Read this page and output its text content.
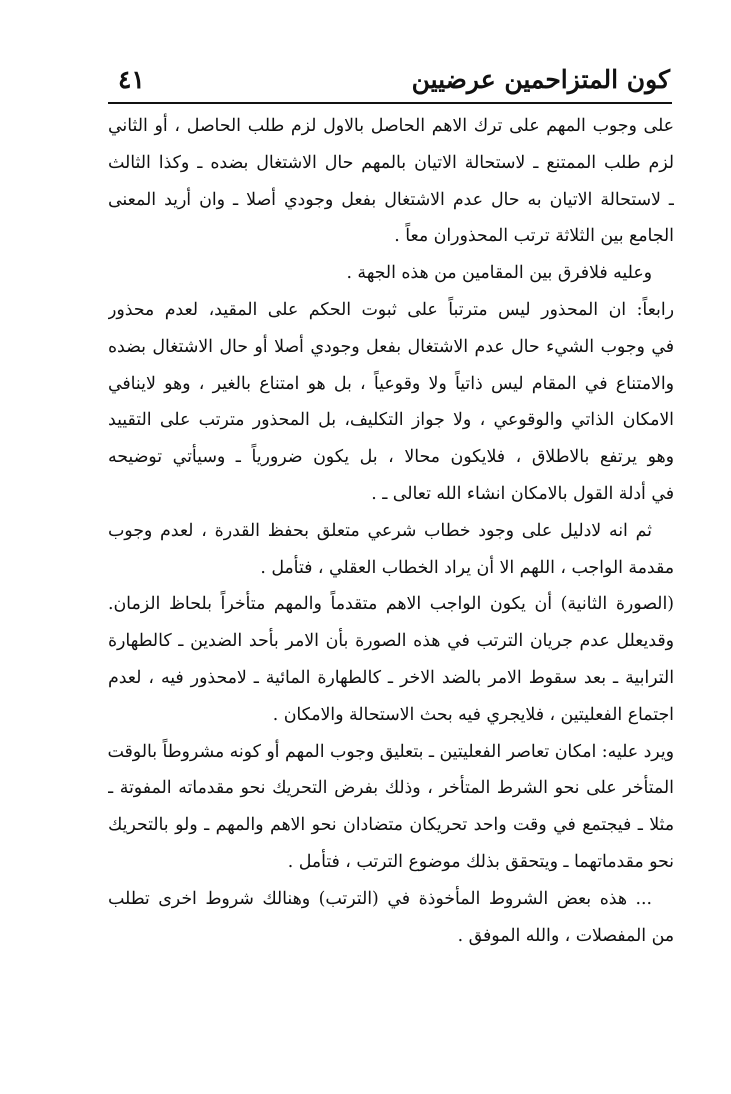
كون المتزاحمين عرضيين
٤١
على وجوب المهم على ترك الاهم الحاصل بالاول لزم طلب الحاصل ، أو الثاني
لزم طلب الممتنع ـ لاستحالة الاتيان بالمهم حال الاشتغال بضده ـ وكذا الثالث
ـ لاستحالة الاتيان به حال عدم الاشتغال بفعل وجودي أصلا ـ وان أريد المعنى
الجامع بين الثلاثة ترتب المحذوران معاً .
وعليه فلافرق بين المقامين من هذه الجهة .
رابعاً: ان المحذور ليس مترتباً على ثبوت الحكم على المقيد، لعدم محذور
في وجوب الشيء حال عدم الاشتغال بفعل وجودي أصلا أو حال الاشتغال بضده
والامتناع في المقام ليس ذاتياً ولا وقوعياً ، بل هو امتناع بالغير ، وهو لاينافي
الامكان الذاتي والوقوعي ، ولا جواز التكليف، بل المحذور مترتب على التقييد
وهو يرتفع بالاطلاق ، فلايكون محالا ، بل يكون ضرورياً ـ وسيأتي توضيحه
في أدلة القول بالامكان انشاء الله تعالى ـ .
ثم انه لادليل على وجود خطاب شرعي متعلق بحفظ القدرة ، لعدم وجوب
مقدمة الواجب ، اللهم الا أن يراد الخطاب العقلي ، فتأمل .
(الصورة الثانية) أن يكون الواجب الاهم متقدماً والمهم متأخراً بلحاظ الزمان.
وقديعلل عدم جريان الترتب في هذه الصورة بأن الامر بأحد الضدين ـ كالطهارة
الترابية ـ بعد سقوط الامر بالضد الاخر ـ كالطهارة المائية ـ لامحذور فيه ، لعدم
اجتماع الفعليتين ، فلايجري فيه بحث الاستحالة والامكان .
ويرد عليه: امكان تعاصر الفعليتين ـ بتعليق وجوب المهم أو كونه مشروطاً بالوقت
المتأخر على نحو الشرط المتأخر ، وذلك بفرض التحريك نحو مقدماته المفوتة ـ
مثلا ـ فيجتمع في وقت واحد تحريكان متضادان نحو الاهم والمهم ـ ولو بالتحريك
نحو مقدماتهما ـ ويتحقق بذلك موضوع الترتب ، فتأمل .
... هذه بعض الشروط المأخوذة في (الترتب) وهنالك شروط اخرى تطلب
من المفصلات ، والله الموفق .
